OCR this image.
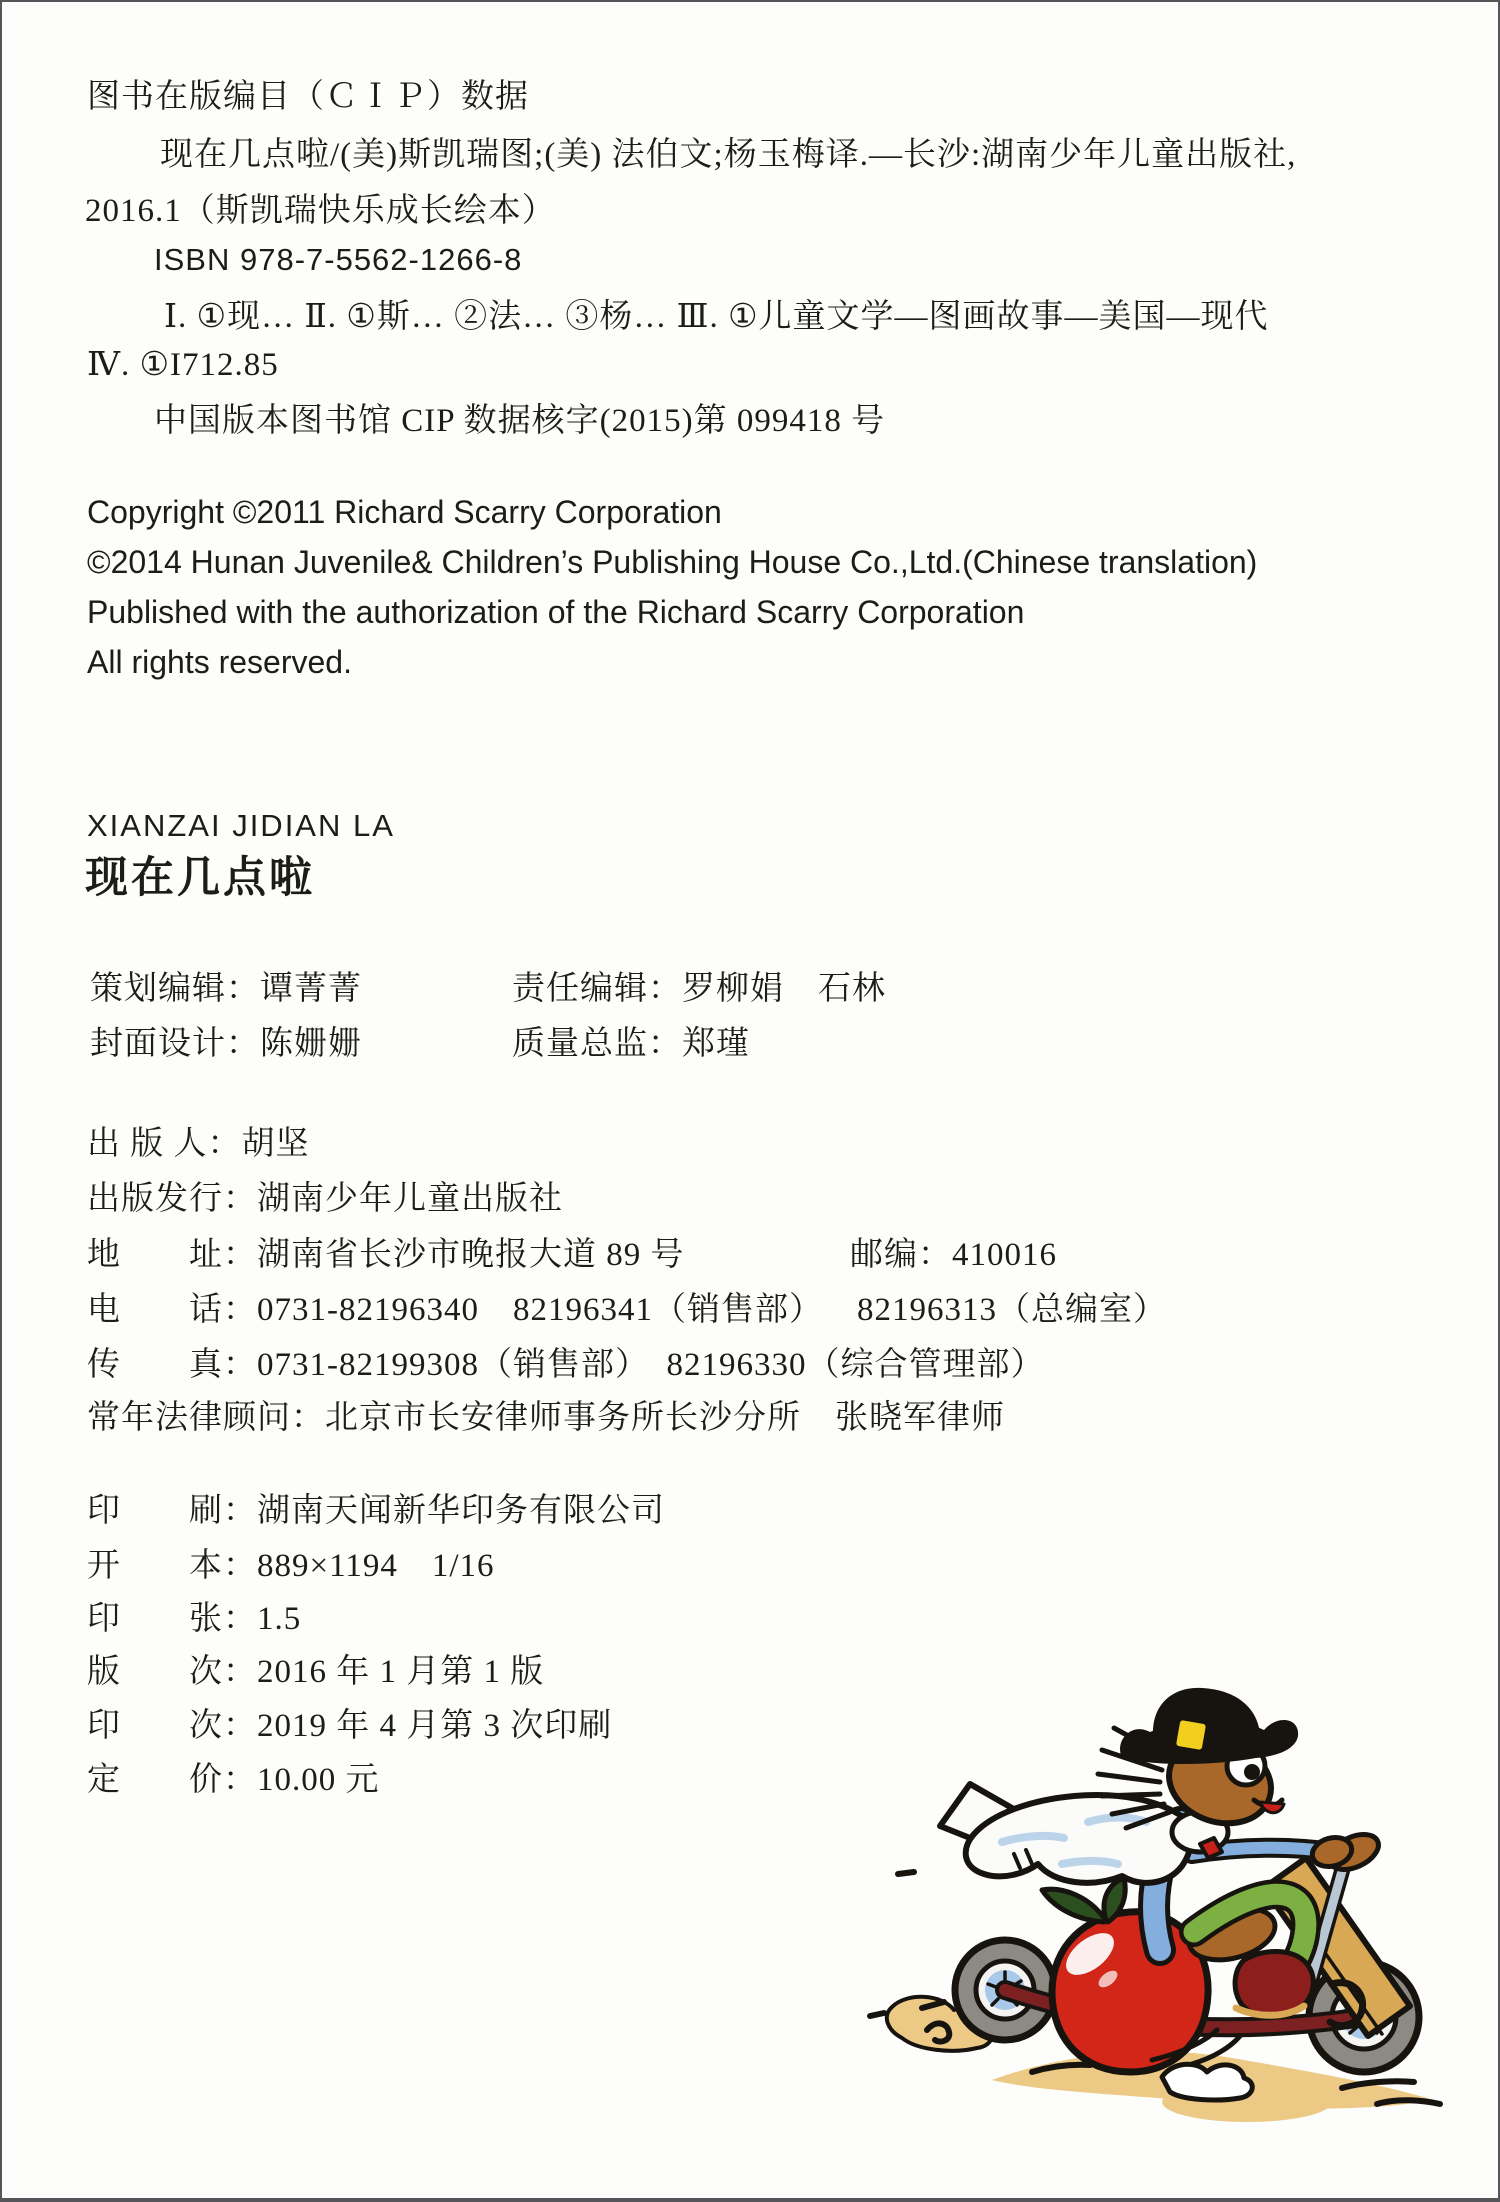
图书在版编目（ＣＩＰ）数据
现在几点啦/(美)斯凯瑞图;(美) 法伯文;杨玉梅译.—长沙:湖南少年儿童出版社,
2016.1（斯凯瑞快乐成长绘本）
ISBN 978-7-5562-1266-8
Ⅰ. ①现… Ⅱ. ①斯… ②法… ③杨… Ⅲ. ①儿童文学—图画故事—美国—现代
Ⅳ. ①I712.85
中国版本图书馆 CIP 数据核字(2015)第 099418 号
Copyright ©2011 Richard Scarry Corporation
©2014 Hunan Juvenile& Children’s Publishing House Co.,Ltd.(Chinese translation)
Published with the authorization of the Richard Scarry Corporation
All rights reserved.
XIANZAI JIDIAN LA
现在几点啦
策划编辑：谭菁菁	责任编辑：罗柳娟　石林
封面设计：陈姗姗	质量总监：郑瑾
出 版 人：胡坚
出版发行：湖南少年儿童出版社
地　　址：湖南省长沙市晚报大道 89 号	邮编：410016
电　　话：0731-82196340　82196341（销售部） 82196313（总编室）
传　　真：0731-82199308（销售部）　82196330（综合管理部）
常年法律顾问：北京市长安律师事务所长沙分所　张晓军律师
印　　刷：湖南天闻新华印务有限公司
开　　本：889×1194　1/16
印　　张：1.5
版　　次：2016 年 1 月第 1 版
印　　次：2019 年 4 月第 3 次印刷
定　　价：10.00 元
